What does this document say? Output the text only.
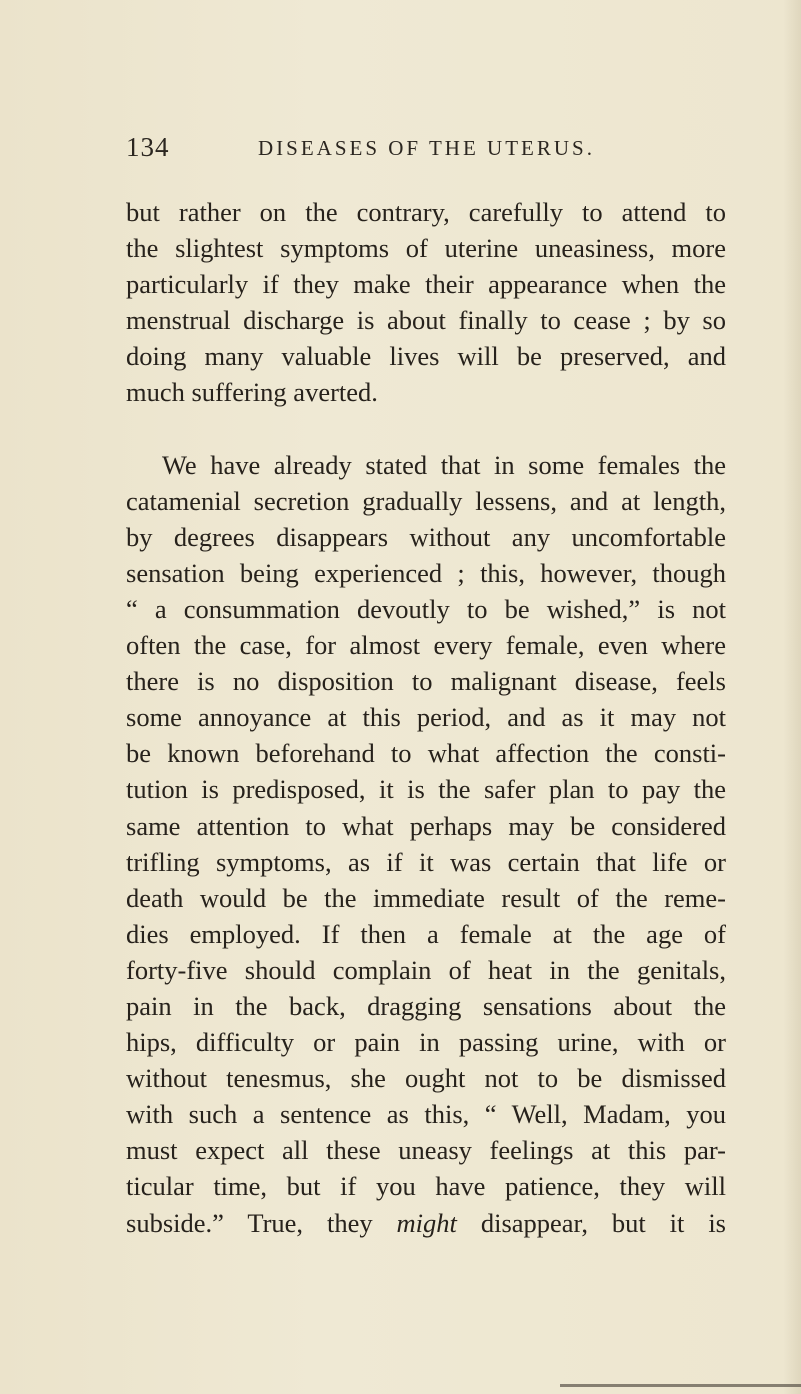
134	DISEASES OF THE UTERUS.
but rather on the contrary, carefully to attend to
the slightest symptoms of uterine uneasiness, more
particularly if they make their appearance when the
menstrual discharge is about finally to cease ; by so
doing many valuable lives will be preserved, and
much suffering averted.
We have already stated that in some females the
catamenial secretion gradually lessens, and at length,
by degrees disappears without any uncomfortable
sensation being experienced ; this, however, though
“ a consummation devoutly to be wished,” is not
often the case, for almost every female, even where
there is no disposition to malignant disease, feels
some annoyance at this period, and as it may not
be known beforehand to what affection the consti-
tution is predisposed, it is the safer plan to pay the
same attention to what perhaps may be considered
trifling symptoms, as if it was certain that life or
death would be the immediate result of the reme-
dies employed. If then a female at the age of
forty-five should complain of heat in the genitals,
pain in the back, dragging sensations about the
hips, difficulty or pain in passing urine, with or
without tenesmus, she ought not to be dismissed
with such a sentence as this, “ Well, Madam, you
must expect all these uneasy feelings at this par-
ticular time, but if you have patience, they will
subside.” True, they might disappear, but it is
